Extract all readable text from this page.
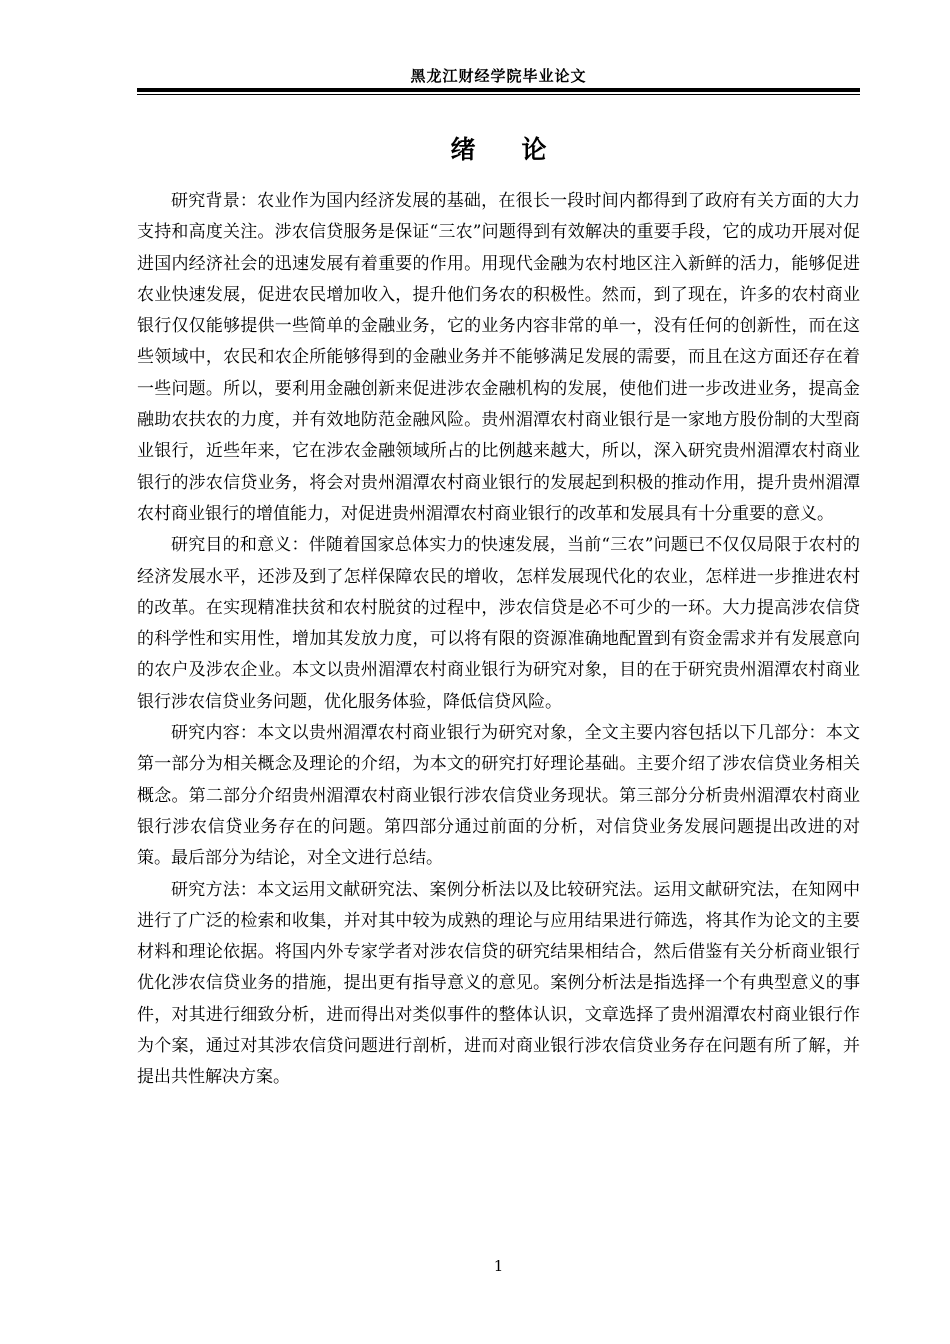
黑龙江财经学院毕业论文
绪 论

研究背景：农业作为国内经济发展的基础，在很长一段时间内都得到了政府有关方面的大力支持和高度关注。涉农信贷服务是保证“三农”问题得到有效解决的重要手段，它的成功开展对促进国内经济社会的迅速发展有着重要的作用。用现代金融为农村地区注入新鲜的活力，能够促进农业快速发展，促进农民增加收入，提升他们务农的积极性。然而，到了现在，许多的农村商业银行仅仅能够提供一些简单的金融业务，它的业务内容非常的单一，没有任何的创新性，而在这些领域中，农民和农企所能够得到的金融业务并不能够满足发展的需要，而且在这方面还存在着一些问题。所以，要利用金融创新来促进涉农金融机构的发展，使他们进一步改进业务，提高金融助农扶农的力度，并有效地防范金融风险。贵州湄潭农村商业银行是一家地方股份制的大型商业银行，近些年来，它在涉农金融领域所占的比例越来越大，所以，深入研究贵州湄潭农村商业银行的涉农信贷业务，将会对贵州湄潭农村商业银行的发展起到积极的推动作用，提升贵州湄潭农村商业银行的增值能力，对促进贵州湄潭农村商业银行的改革和发展具有十分重要的意义。

研究目的和意义：伴随着国家总体实力的快速发展，当前“三农”问题已不仅仅局限于农村的经济发展水平，还涉及到了怎样保障农民的增收，怎样发展现代化的农业，怎样进一步推进农村的改革。在实现精准扶贫和农村脱贫的过程中，涉农信贷是必不可少的一环。大力提高涉农信贷的科学性和实用性，增加其发放力度，可以将有限的资源准确地配置到有资金需求并有发展意向的农户及涉农企业。本文以贵州湄潭农村商业银行为研究对象，目的在于研究贵州湄潭农村商业银行涉农信贷业务问题，优化服务体验，降低信贷风险。

研究内容：本文以贵州湄潭农村商业银行为研究对象，全文主要内容包括以下几部分：本文第一部分为相关概念及理论的介绍，为本文的研究打好理论基础。主要介绍了涉农信贷业务相关概念。第二部分介绍贵州湄潭农村商业银行涉农信贷业务现状。第三部分分析贵州湄潭农村商业银行涉农信贷业务存在的问题。第四部分通过前面的分析，对信贷业务发展问题提出改进的对策。最后部分为结论，对全文进行总结。

研究方法：本文运用文献研究法、案例分析法以及比较研究法。运用文献研究法，在知网中进行了广泛的检索和收集，并对其中较为成熟的理论与应用结果进行筛选，将其作为论文的主要材料和理论依据。将国内外专家学者对涉农信贷的研究结果相结合，然后借鉴有关分析商业银行优化涉农信贷业务的措施，提出更有指导意义的意见。案例分析法是指选择一个有典型意义的事件，对其进行细致分析，进而得出对类似事件的整体认识，文章选择了贵州湄潭农村商业银行作为个案，通过对其涉农信贷问题进行剖析，进而对商业银行涉农信贷业务存在问题有所了解，并提出共性解决方案。

1
